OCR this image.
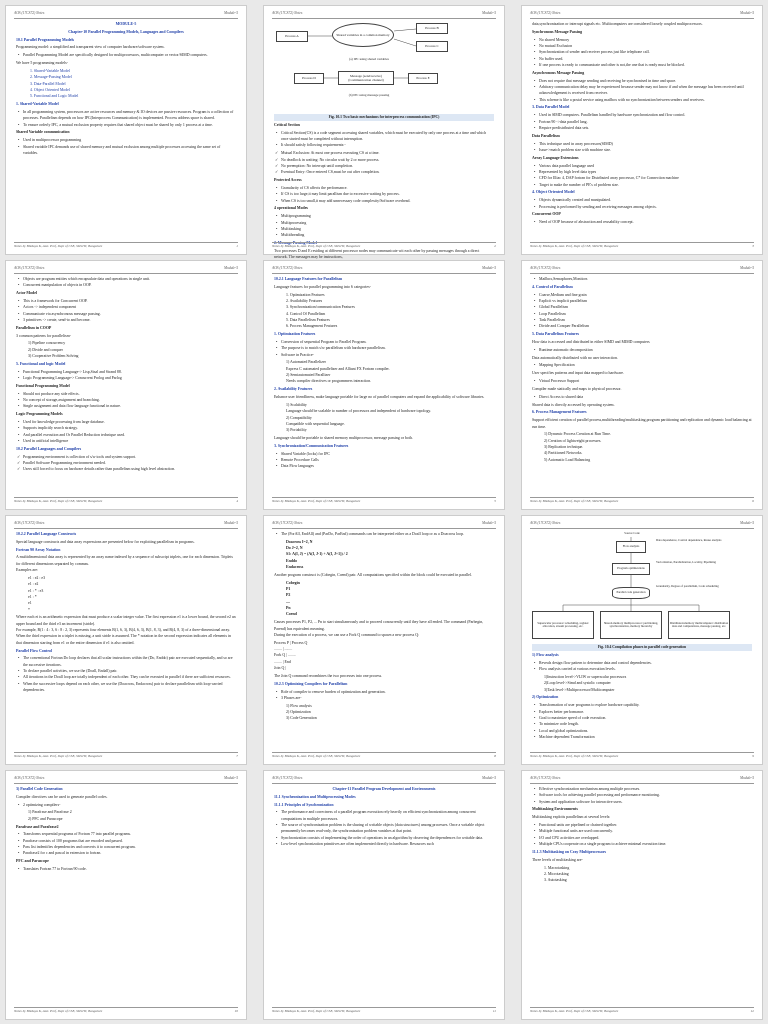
AOS (17CS72) Notes	Module-5
MODULE-5
Chapter-10 Parallel Programming Models, Languages and Compilers
10.1 Parallel Programming Models
Programming model: a simplified and transparent view of computer hardware/software system.
• Parallel Programming Model are specifically designed for multiprocessors, multicomputer or vector/SIMD computers.
We have 5 programming models-
1. Shared-Variable Model
2. Message-Passing Model
3. Data-Parallel Model
4. Object Oriented Model
5. Functional and Logic Model
1. Shared-Variable Model
• In all programming system, processors are active resources and memory & IO devices are passive resources. Program is a collection of processes. Parallelism depends on how IPC(Interprocess Communication) is implemented. Process address space is shared.
• To ensure orderly IPC, a mutual exclusion property requires that shared object must be shared by only 1 process at a time.
Shared Variable communication
• Used in multiprocessor programming
• Shared variable IPC demands use of shared memory and mutual exclusion among multiple processes accessing the same set of variables.
Notes by Bhidaya K, Asst. Prof, Dept of CSE, SKSJTI, Bangalore	1
AOS (17CS72) Notes	Module-5
Process A	Shared variables in a common memory
Process B
Process C
Process D
Message (send/receive) (Communication channel)	Process E
(a) IPC using shared variables
(b) IPC using message passing
Fig. 10.1 Two basic mechanisms for interprocess communication (IPC)
Critical Section
• Critical Section(CS) is a code segment accessing shared variables, which must be executed by only one process at a time and which once started must be completed without interruption.
• It should satisfy following requirements:-
✓ Mutual Exclusion: At most one process executing CS at a time.
✓ No deadlock in waiting: No circular wait by 2 or more process.
✓ No preemption: No interrupt until completion.
✓ Eventual Entry: Once entered CS,must be out after completion.
Protected Access
• Granularity of CS affects the performance.
• If CS is too large,it may limit parallism due to excessive waiting by process.
• When CS is too small,it may add unnecessary code complexity/Software overhead.
4 operational Modes
• Multiprogramming
• Multiprocessing
• Multitasking
• Multithreading
2. Message Passing Model
Two processes D and E residing at different processor nodes may communicate wit each other by passing messages through a direct network. The messages may be instructions,
Notes by Bhidaya K, Asst. Prof, Dept of CSE, SKSJTI, Bangalore	2
AOS (17CS72) Notes	Module-5
data,synchronization or interrupt signals etc. Multicomputers are considered loosely coupled multiprocessors.
Synchronous Message Passing
• No shared Memory
• No mutual Exclusion
• Synchronization of sender and receiver process just like telephone call.
• No buffer used.
• If one process is ready to communicate and other is not,the one that is ready must be blocked.
Asynchronous Message Passing
• Does not require that message sending and receiving be synchronised in time and space.
• Arbitrary communication delay may be experienced because sender may not know if and when the message has been received until acknowledgement is received from receiver.
• This scheme is like a postal service using mailbox with no synchronization between senders and receivers.
3. Data Parallel Model
• Used in SIMD computers. Parallelism handled by hardware synchronization and flow control.
• Fortran 90 ->data parallel lang.
• Require predistributed data sets.
Data Parallelism
• This technique used in array processors(SIMD)
• Issue->match problem size with machine size.
Array Language Extensions
• Various data parallel language used
• Represented by high level data types
• CFD for Illiac 4, DAP fortran for Distributed array processor, C* for Connection machine
• Target to make the number of PE's of problem size.
4. Object Oriented Model
• Objects dynamically created and manipulated.
• Processing is performed by sending and receiving messages among objects.
Concurrent OOP
• Need of OOP because of abstraction and reusability concept.
Notes by Bhidaya K, Asst. Prof, Dept of CSE, SKSJTI, Bangalore	3
AOS (17CS72) Notes	Module-5
• Objects are program entities which encapsulate data and operations in single unit.
• Concurrent manipulation of objects in OOP.
Actor Model
• This is a framework for Concurrent OOP.
• Actors -> independent component
• Communicate via asynchronous message passing.
• 3 primitives -> create, send-to and become.
Parallelism in COOP
3 common patterns for parallelism-
1) Pipeline concurrency
2) Divide and conquer
3) Cooperative Problem Solving
5. Functional and logic Model
• Functional Programming Language-> Lisp,Sisal and Strand 88.
• Logic Programming Language-> Concurrent Prolog and Parlog
Functional Programming Model
• Should not produce any side effects.
• No concept of storage,assignment and branching.
• Single assignment and data flow language functional in nature.
Logic Programming Models
• Used for knowledge processing from large database.
• Supports implicitly search strategy.
• And parallel execution and Or Parallel Reduction technique used.
• Used in artificial intelligence
10.2 Parallel Languages and Compilers
✓ Programming environment is collection of s/w tools and system support.
✓ Parallel Software Programming environment needed.
✓ Users still forced to focus on hardware details rather than parallelism using high level abstraction.
Notes by Bhidaya K, Asst. Prof, Dept of CSE, SKSJTI, Bangalore	4
AOS (17CS72) Notes	Module-5
10.2.1 Language Features for Parallelism
Language features for parallel programming into 6 categories-
1. Optimization Features
2. Availability Features
3. Synchronization/communication Features
4. Control Of Parallelism
5. Data Parallelism Features
6. Process Management Features
1. Optimization Features
• Conversion of sequential Program to Parallel Program.
• The purpose is to match s/w parallelism with hardware parallelism.
• Software in Practice-
1) Automated Parallelizer
Express C automated parallelizer and Alliant FX Fortran compiler.
2) Semiautomated Parallizer
Needs compiler directives or programmers interaction.
2. Availability Features
Enhance user friendliness, make language portable for large no of parallel computers and expand the applicability of software libraries.
1) Scalability
Language should be scalable to number of processors and independent of hardware topology.
2) Compatibility
Compatible with sequential language.
3) Portability
Language should be portable to shared memory multiprocessor, message passing or both.
3. Synchronization/Communication Features
• Shared Variable (locks) for IPC
• Remote Procedure Calls
• Data Flow languages
Notes by Bhidaya K, Asst. Prof, Dept of CSE, SKSJTI, Bangalore	5
AOS (17CS72) Notes	Module-5
• Mailbox,Semaphores,Monitors
4. Control of Parallelism
• Coarse,Medium and fine grain
• Explicit vs implicit parallelism
• Global Parallelism
• Loop Parallelism
• Task Parallelism
• Divide and Conquer Parallelism
5. Data Parallelism Features
How data is accessed and distributed in either SIMD and MIMD computers
• Runtime automatic decomposition
Data automatically distributed with no user interaction.
• Mapping Specification
User specifies patterns and input data mapped to hardware.
• Virtual Processor Support
Compiler made statically and maps to physical processor.
• Direct Access to shared data
Shared data is directly accessed by operating system.
6. Process Management Features
Support efficient creation of parallel process,multithreading/multitasking,program partitioning and replication and dynamic load balancing at run time.
1) Dynamic Process Creation at Run Time.
2) Creation of lightweight processes.
3) Replication technique.
4) Partitioned Networks.
5) Automatic Load Balancing
Notes by Bhidaya K, Asst. Prof, Dept of CSE, SKSJTI, Bangalore	6
AOS (17CS72) Notes	Module-5
10.2.2 Parallel Language Constructs
Special language constructs and data array expressions are presented below for exploiting parallelism in programs.
Fortran 90 Array Notation
A multidimensional data array is represented by an array name indexed by a sequence of subscript triplets, one for each dimension. Triplets for different dimensions separated by commas.
Examples are:
e1 : e2 : e3
e1 : e2
e1 : * : e3
e1 : *
e1
*
Where each ei is an arithmetic expression that must produce a scalar integer value. The first expression e1 is a lower bound, the second e2 an upper bound and the third e3 an increment (stride).
For example, B(1 : 4 : 3, 6 : 8 : 2, 3) represents four elements B(1, 6, 3), B(4, 6, 3), B(1, 8, 3), and B(4, 8, 3) of a three-dimensional array.
When the third expression in a triplet is missing, a unit stride is assumed. The * notation in the second expression indicates all elements in that dimension starting from e1 or the entire dimension if e1 is also omitted.
Parallel Flow Control
• The conventional Fortran Do loop declares that all scalar instructions within the (Do, Enddo) pair are executed sequentially, and so are the successive iterations.
• To declare parallel activities, we use the (Doall, Endall) pair.
• All iterations in the Doall loop are totally independent of each other. They can be executed in parallel if there are sufficient resources.
• When the successive loops depend on each other, we use the (Doacross, Endacross) pair to declare parallelism with loop-carried dependencies.
Notes by Bhidaya K, Asst. Prof, Dept of CSE, SKSJTI, Bangalore	7
AOS (17CS72) Notes	Module-5
• The (ForAll, EndAll) and (ParDo, ParEnd) commands can be interpreted either as a Doall loop or as a Doacross loop.
Doacross I=2, N
Do J=2, N
S1: A(I, J) = (A(I, J-1) + A(I, J+1)) / 2
Enddo
Endacross
Another program construct is (Cobegin, Coend) pair. All computations specified within the block could be executed in parallel.
Cobegin
P1
P2
....
Pn
Coend
Causes processes P1, P2, ... Pn to start simultaneously and to proceed concurrently until they have all ended. The command (Parbegin, Parend) has equivalent meaning.
During the execution of a process, we can use a Fork Q command to spawn a new process Q:
Process P | Process Q
........ | ........
Fork Q | ........
........ | End
Join Q |
The Join Q command recombines the two processes into one process.
10.2.3 Optimizing Compilers for Parallelism
• Role of compiler to remove burden of optimization and generation.
• 3 Phases are-
1) Flow analysis
2) Optimization
3) Code Generation
Notes by Bhidaya K, Asst. Prof, Dept of CSE, SKSJTI, Bangalore	8
AOS (17CS72) Notes	Module-5
Source Code
Flow analysis
Program optimizations
Parallel code generation
Superscalar processor: scheduling, register allocation, stream processing, etc.
Shared-memory multiprocessor: partitioning, synchronization, memory hierarchy
Distributed-memory multicomputer: distribution data and computations, message passing, etc.
Data dependence, Control dependence, Reuse analysis
Vectorization, Parallelization, Locality, Pipelining
Granularity, Degree of parallelism, Code scheduling
Fig. 10.4 Compilation phases in parallel code generation
1) Flow analysis
• Reveals design flow pattern to determine data and control dependencies.
• Flow analysis carried at various execution levels.
1)Instruction level->VLIW or superscalar processors
2)Loop level->Simd and systolic computer
3)Task level->Multiprocessor/Multicomputer
2) Optimization
• Transformation of user programs to explore hardware capability.
• Explores better performance.
• Goal to maximize speed of code execution.
• To minimize code length.
• Local and global optimizations.
• Machine dependent Transformation
Notes by Bhidaya K, Asst. Prof, Dept of CSE, SKSJTI, Bangalore	9
AOS (17CS72) Notes	Module-5
3) Parallel Code Generation
Compiler directives can be used to generate parallel codes.
• 2 optimizing compilers-
1) Parafrase and Parafrase 2
2) PFC and Parascope
Parafrase and Parafrase2
• Transforms sequential programs of Fortran 77 into parallel programs.
• Parafrase consists of 100 programs that are encoded and passed.
• Pass list indentifies dependencies and converts it to concurrent program.
• Parafrase2 for c and pascal in extension to fortran.
PFC and Parascope
• Translates Fortran 77 to Fortran 90 code.
Notes by Bhidaya K, Asst. Prof, Dept of CSE, SKSJTI, Bangalore	10
AOS (17CS72) Notes	Module-5
Chapter-11 Parallel Program Development and Environments
11.1 Synchronization and Multiprocessing Modes
11.1.1 Principles of Synchronization
• The performance and correctness of a parallel program execution rely heavily on efficient synchronization among concurrent computations in multiple processors.
• The source of synchronization problem is the sharing of writable objects (data structures) among processes. Once a writable object permanently becomes read-only, the synchronization problem vanishes at that point.
• Synchronization consists of implementing the order of operations in an algorithm by observing the dependences for writable data.
• Low-level synchronization primitives are often implemented directly in hardware. Resources such
Notes by Bhidaya K, Asst. Prof, Dept of CSE, SKSJTI, Bangalore	11
AOS (17CS72) Notes	Module-5
• Effective synchronization mechanism among multiple processes.
• Software tools for achieving parallel processing and performance monitoring.
• System and application software for interactive users.
Multitasking Environments
Multitasking exploits parallelism at several levels:
• Functional units are pipelined or chained together.
• Multiple functional units are used concurrently.
• I/O and CPU activities are overlapped.
• Multiple CPUs cooperate on a single program to achieve minimal execution time.
11.1.3 Multitasking on Cray Multiprocessors
Three levels of multitasking are-
1. Macrotasking
2. Microtasking
3. Autotasking
Notes by Bhidaya K, Asst. Prof, Dept of CSE, SKSJTI, Bangalore	12
